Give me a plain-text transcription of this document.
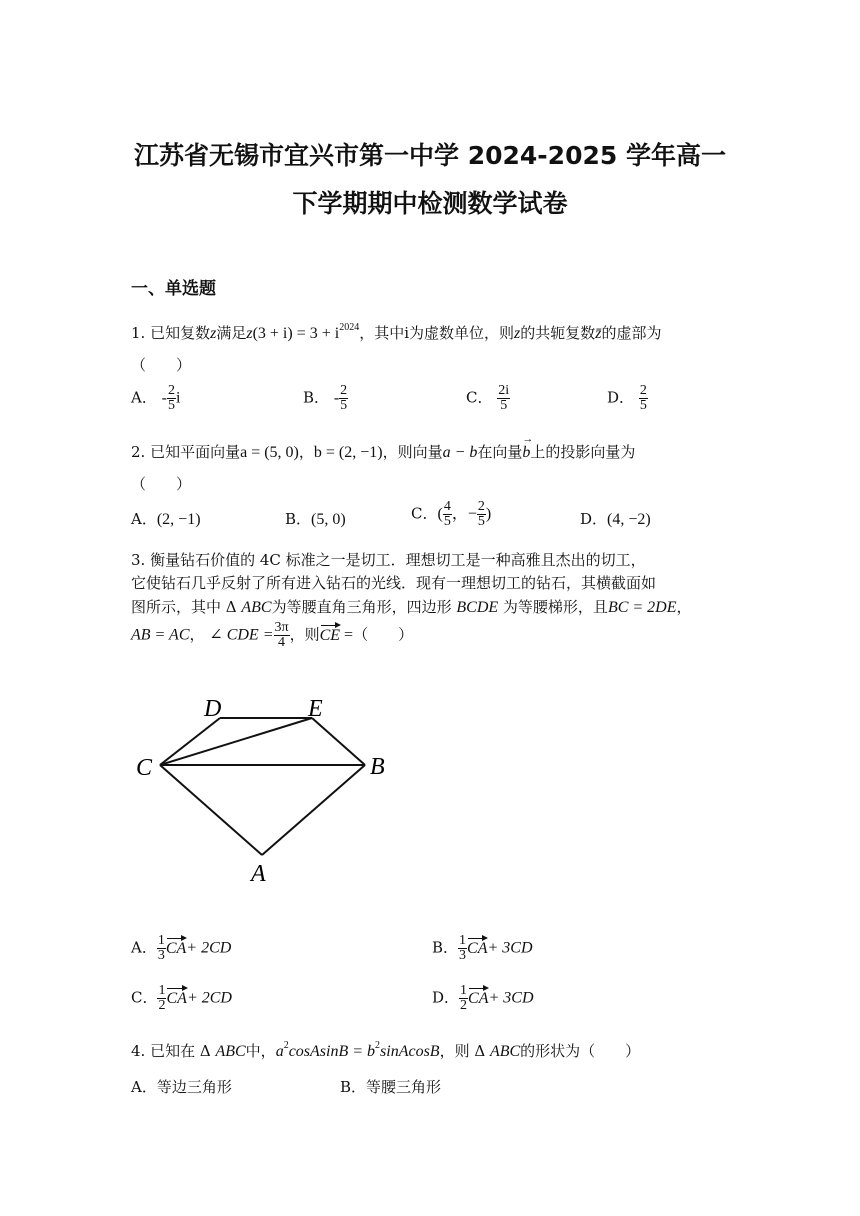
江苏省无锡市宜兴市第一中学 2024-2025 学年高一
下学期期中检测数学试卷
一、单选题
1. 已知复数z满足$z(3 + i) = 3 + i^{2024}$，其中i为虚数单位，则z的共轭复数z̄的虚部为
（　　）
A． - $\frac{2}{5}$ i	B． - $\frac{2}{5}$	C． $\frac{2i}{5}$	D． $\frac{2}{5}$
2. 已知平面向量a = (5, 0)，b = (2, −1)，则向量a − b在向量→ b上的投影向量为
（　　）
A．(2, −1)	B．(5, 0)	C．( $\frac{4}{5}$ ，− $\frac{2}{5}$ )	D．(4, −2)
3. 衡量钻石价值的 4C 标准之一是切工．理想切工是一种高雅且杰出的切工，
它使钻石几乎反射了所有进入钻石的光线．现有一理想切工的钻石，其横截面如
图所示，其中 Δ ABC为等腰直角三角形，四边形 BCDE 为等腰梯形，且BC = 2DE，
AB = AC， ∠ CDE = $\frac{3\pi}{4}$ ，则CE =（　　）
D	E
C	B
A
A． $\frac{1}{3} CA+ 2CD$	B． $\frac{1}{3} CA+ 3CD$
C． $\frac{1}{2} CA+ 2CD$	D． $\frac{1}{2} CA+ 3CD$
4. 已知在 Δ ABC中，$a^2cosAsinB$ = $b^2sinAcosB$，则 Δ ABC的形状为（　　）
A．等边三角形	B．等腰三角形
